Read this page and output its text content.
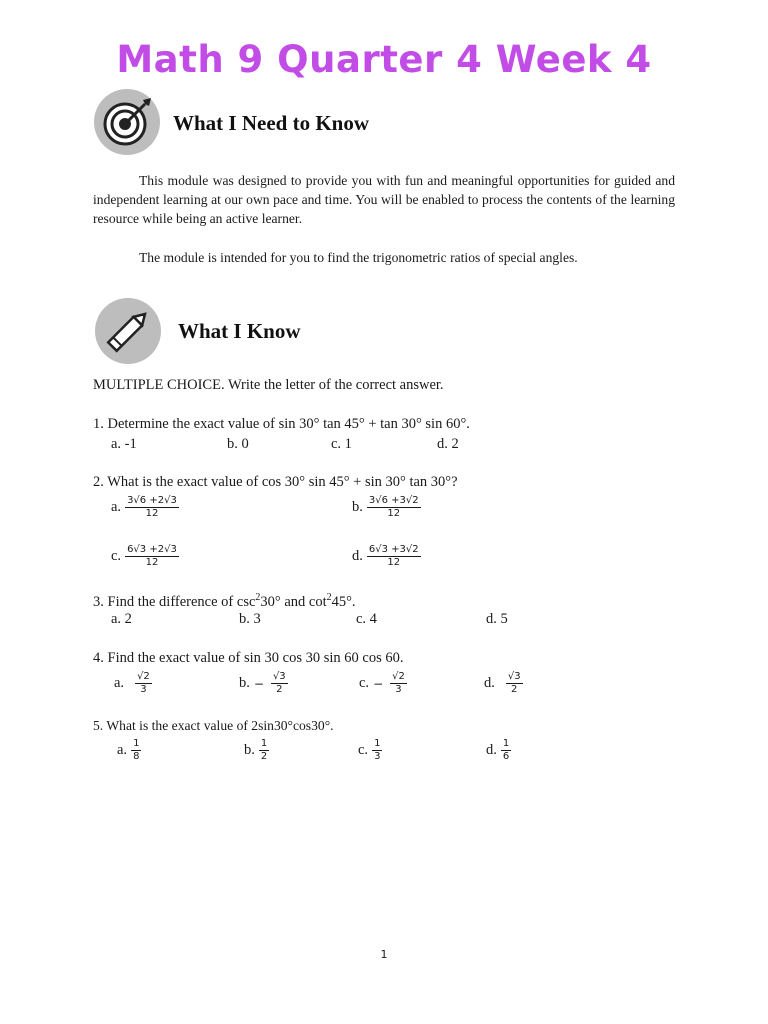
Math 9 Quarter 4 Week 4
What I Need to Know
This module was designed to provide you with fun and meaningful opportunities for guided and independent learning at our own pace and time. You will be enabled to process the contents of the learning resource while being an active learner.
The module is intended for you to find the trigonometric ratios of special angles.
What I Know
MULTIPLE CHOICE. Write the letter of the correct answer.
1. Determine the exact value of sin 30° tan 45° + tan 30° sin 60°.
a. -1	b. 0	c. 1	d. 2
2. What is the exact value of cos 30° sin 45° + sin 30° tan 30°?
a. $\frac{3√6 +2√3}{12}$	b. $\frac{3√6 +3√2}{12}$
c. $\frac{6√3 +2√3}{12}$	d. $\frac{6√3 +3√2}{12}$
3. Find the difference of $\csc^230^\circ$ and $\cot^245^\circ$.
a. 2	b. 3	c. 4	d. 5
4. Find the exact value of sin 30 cos 30 sin 60 cos 60.
a. $\frac{√2}{3}$	b. − $\frac{√3}{2}$	c. − $\frac{√2}{3}$	d. $\frac{√3}{2}$
5. What is the exact value of 2sin30°cos30°.
a. $\frac{1}{8}$	b. $\frac{1}{2}$	c. $\frac{1}{3}$	d. $\frac{1}{6}$
1
